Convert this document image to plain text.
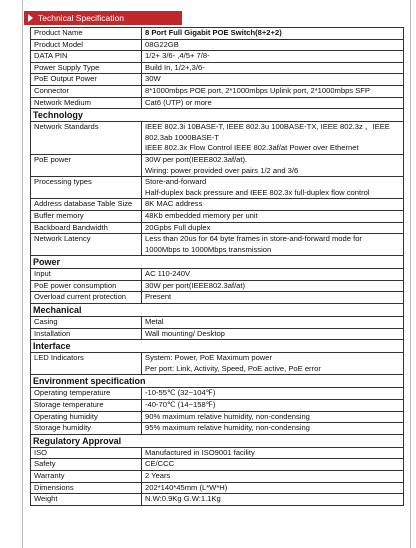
Technical Specification
Product Name	8 Port Full Gigabit POE Switch(8+2+2)

Product Model	08G22GB

DATA PIN	1/2+ 3/6- ,4/5+ 7/8-

Power Supply Type	Build In, 1/2+,3/6-

PoE Output Power	30W

Connector	8*1000mbps POE port, 2*1000mbps Uplink port, 2*1000mbps SFP

Network Medium	Cat6 (UTP) or more

Technology	
Network Standards	IEEE 802.3i 10BASE-T, IEEE 802.3u 100BASE-TX, IEEE 802.3z 、IEEE
802.3ab 1000BASE-T
IEEE 802.3x Flow Control IEEE 802.3af/at Power over Ethernet

PoE power	30W per port(IEEE802.3af/at).
Wiring: power provided over pairs 1/2 and 3/6

Processing types	Store-and-forward
Half-duplex back pressure and IEEE 802.3x full-duplex flow control

Address database Table Size	8K MAC address

Buffer memory	48Kb embedded memory per unit

Backboard Bandwidth	20Gpbs Full duplex

Network Latency	Less than 20us for 64 byte frames in store-and-forward mode for
1000Mbps to 1000Mbps transmission

Power	
Input	AC 110-240V

PoE power consumption	30W per port(IEEE802.3af/at)

Overload current protection	Present

Mechanical	
Casing	Metal

Installation	Wall mounting/ Desktop

Interface	
LED Indicators	System: Power, PoE Maximum power
Per port: Link, Activity, Speed, PoE active, PoE error

Environment specification	
Operating temperature	-10-55℃ (32~104℉)

Storage temperature	-40-70℃ (14~158℉)

Operating humidity	90% maximum relative humidity, non-condensing

Storage humidity	95% maximum relative humidity, non-condensing

Regulatory Approval	
ISO	Manufactured in ISO9001 facility

Safety	CE/CCC

Warranty	2 Years

Dimensions	202*140*45mm (L*W*H)

Weight	N.W:0.9Kg G.W:1.1Kg
